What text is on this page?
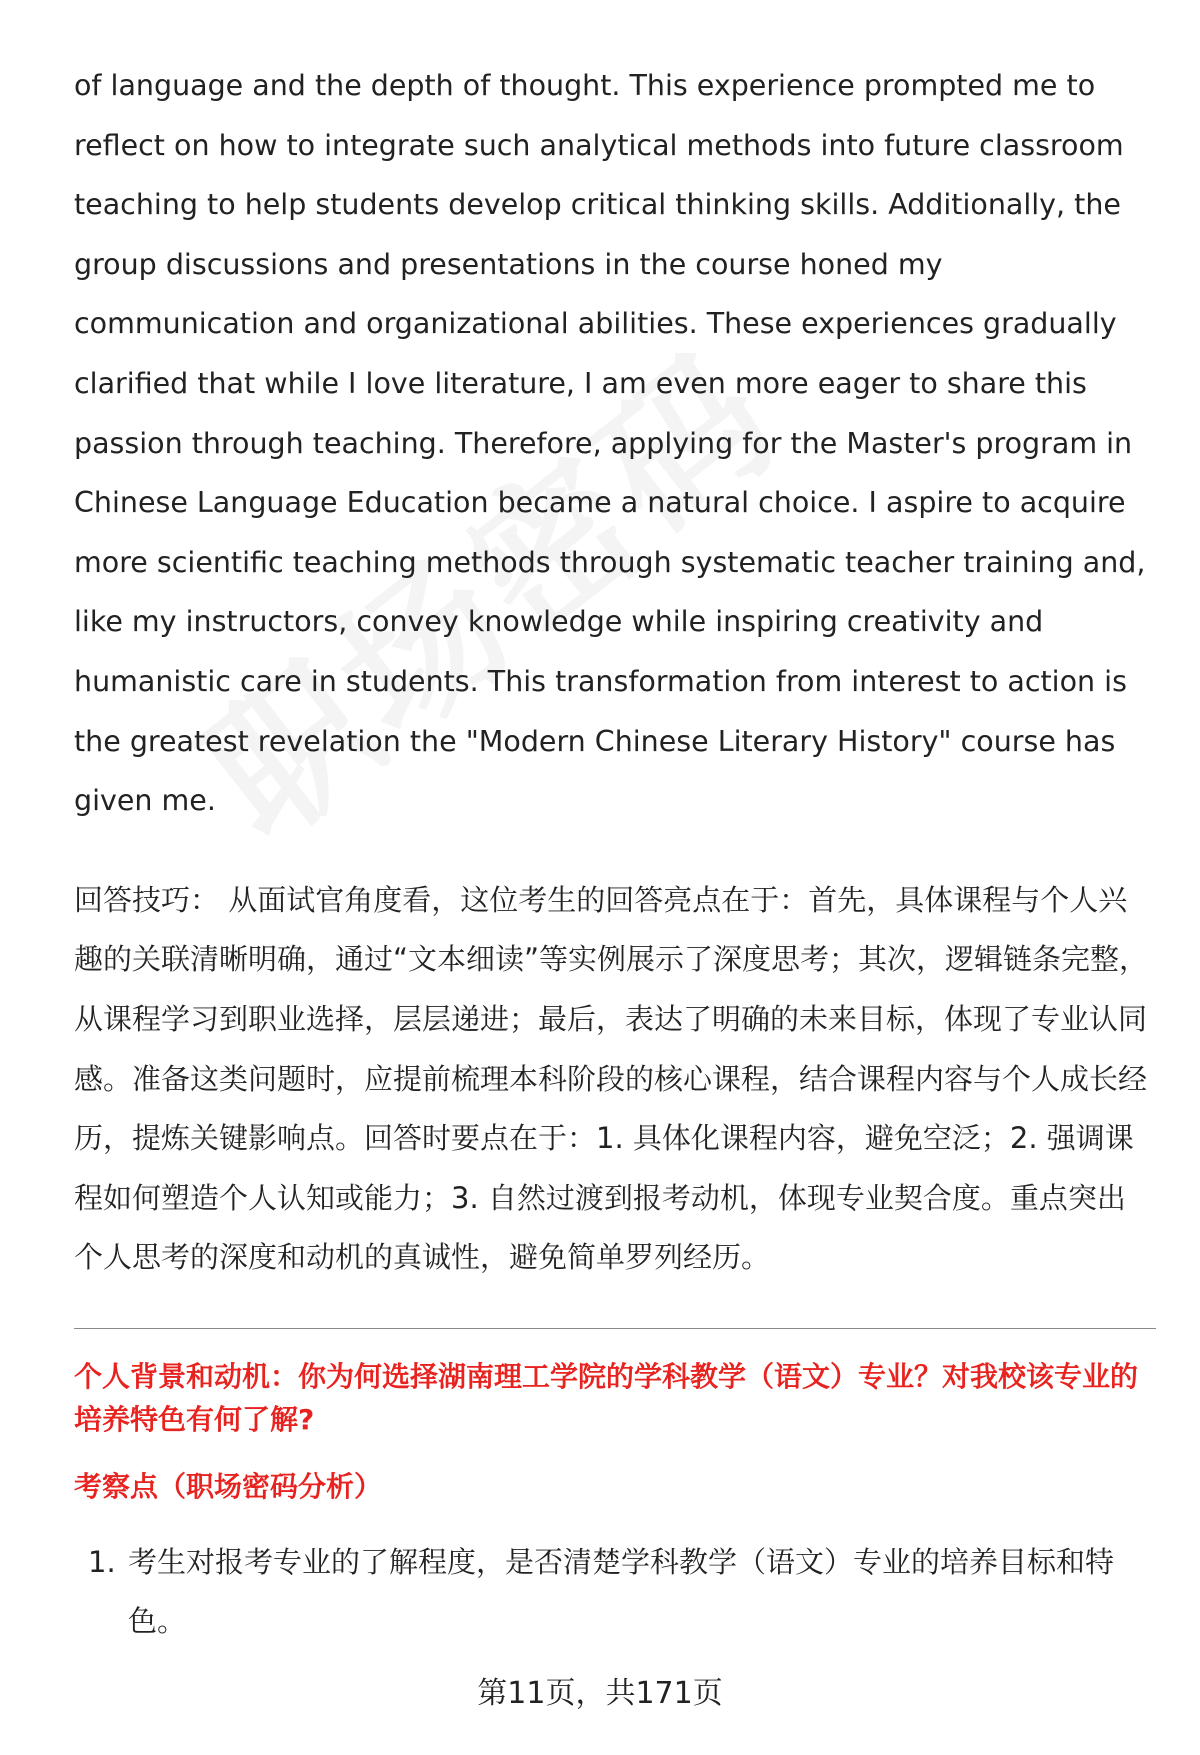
of language and the depth of thought. This experience prompted me to reflect on how to integrate such analytical methods into future classroom teaching to help students develop critical thinking skills. Additionally, the group discussions and presentations in the course honed my communication and organizational abilities. These experiences gradually clarified that while I love literature, I am even more eager to share this passion through teaching. Therefore, applying for the Master's program in Chinese Language Education became a natural choice. I aspire to acquire more scientific teaching methods through systematic teacher training and, like my instructors, convey knowledge while inspiring creativity and humanistic care in students. This transformation from interest to action is the greatest revelation the "Modern Chinese Literary History" course has given me.

回答技巧： 从面试官角度看，这位考生的回答亮点在于：首先，具体课程与个人兴趣的关联清晰明确，通过“文本细读”等实例展示了深度思考；其次，逻辑链条完整，从课程学习到职业选择，层层递进；最后，表达了明确的未来目标，体现了专业认同感。准备这类问题时，应提前梳理本科阶段的核心课程，结合课程内容与个人成长经历，提炼关键影响点。回答时要点在于：1. 具体化课程内容，避免空泛；2. 强调课程如何塑造个人认知或能力；3. 自然过渡到报考动机，体现专业契合度。重点突出个人思考的深度和动机的真诚性，避免简单罗列经历。

个人背景和动机：你为何选择湖南理工学院的学科教学（语文）专业？对我校该专业的培养特色有何了解?
考察点（职场密码分析）
1. 考生对报考专业的了解程度，是否清楚学科教学（语文）专业的培养目标和特色。
第11页，共171页
